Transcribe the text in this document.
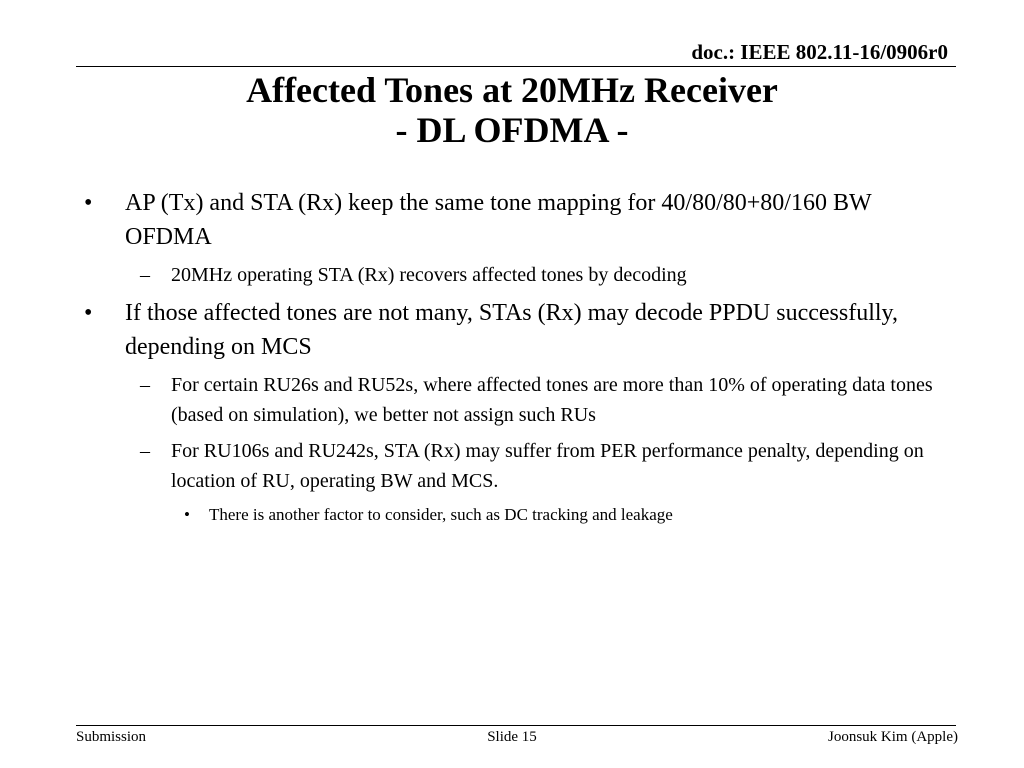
doc.: IEEE 802.11-16/0906r0
Affected Tones at 20MHz Receiver
- DL OFDMA -
•	AP (Tx) and STA (Rx) keep the same tone mapping for 40/80/80+80/160 BW OFDMA
–	20MHz operating STA (Rx) recovers affected tones by decoding
•	If those affected tones are not many, STAs (Rx) may decode PPDU successfully, depending on MCS
–	For certain RU26s and RU52s, where affected tones are more than 10% of operating data tones (based on simulation), we better not assign such RUs
–	For RU106s and RU242s, STA (Rx) may suffer from PER performance penalty, depending on location of RU, operating BW and MCS.
•	There is another factor to consider, such as DC tracking and leakage
Submission	Slide 15	Joonsuk Kim (Apple)
